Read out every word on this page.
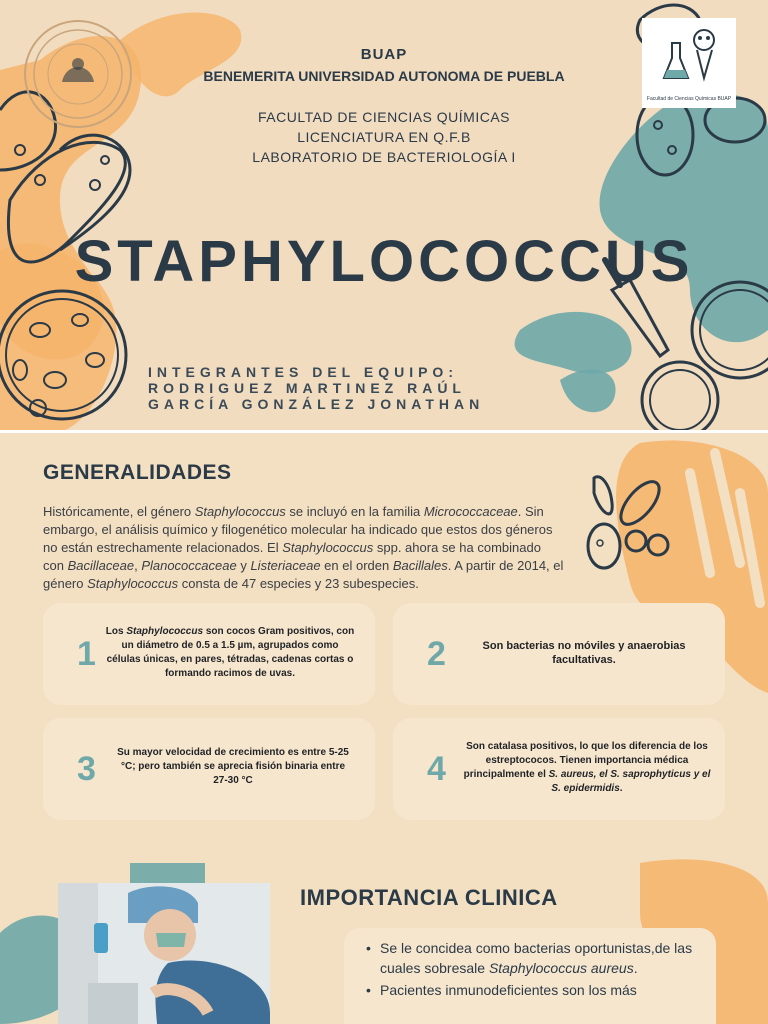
Facultad de Ciencias Químicas BUAP
BUAP
BENEMERITA UNIVERSIDAD AUTONOMA DE PUEBLA
FACULTAD DE CIENCIAS QUÍMICAS
LICENCIATURA EN Q.F.B
LABORATORIO DE BACTERIOLOGÍA I
STAPHYLOCOCCUS
INTEGRANTES DEL EQUIPO:
RODRIGUEZ MARTINEZ RAÚL
GARCÍA GONZÁLEZ JONATHAN
GENERALIDADES
Históricamente, el género Staphylococcus se incluyó en la familia Micrococcaceae. Sin embargo, el análisis químico y filogenético molecular ha indicado que estos dos géneros no están estrechamente relacionados. El Staphylococcus spp. ahora se ha combinado con Bacillaceae, Planococcaceae y Listeriaceae en el orden Bacillales. A partir de 2014, el género Staphylococcus consta de 47 especies y 23 subespecies.
1
Los Staphylococcus son cocos Gram positivos, con un diámetro de 0.5 a 1.5 µm, agrupados como células únicas, en pares, tétradas, cadenas cortas o formando racimos de uvas.
2	Son bacterias no móviles y anaerobias facultativas.
3	Su mayor velocidad de crecimiento es entre 5-25 °C; pero también se aprecia fisión binaria entre 27-30 °C	4
Son catalasa positivos, lo que los diferencia de los estreptococos. Tienen importancia médica principalmente el S. aureus, el S. saprophyticus y el S. epidermidis.
IMPORTANCIA CLINICA
• Se le concidea como bacterias oportunistas,de las cuales sobresale Staphylococcus aureus.
• Pacientes inmunodeficientes son los más
